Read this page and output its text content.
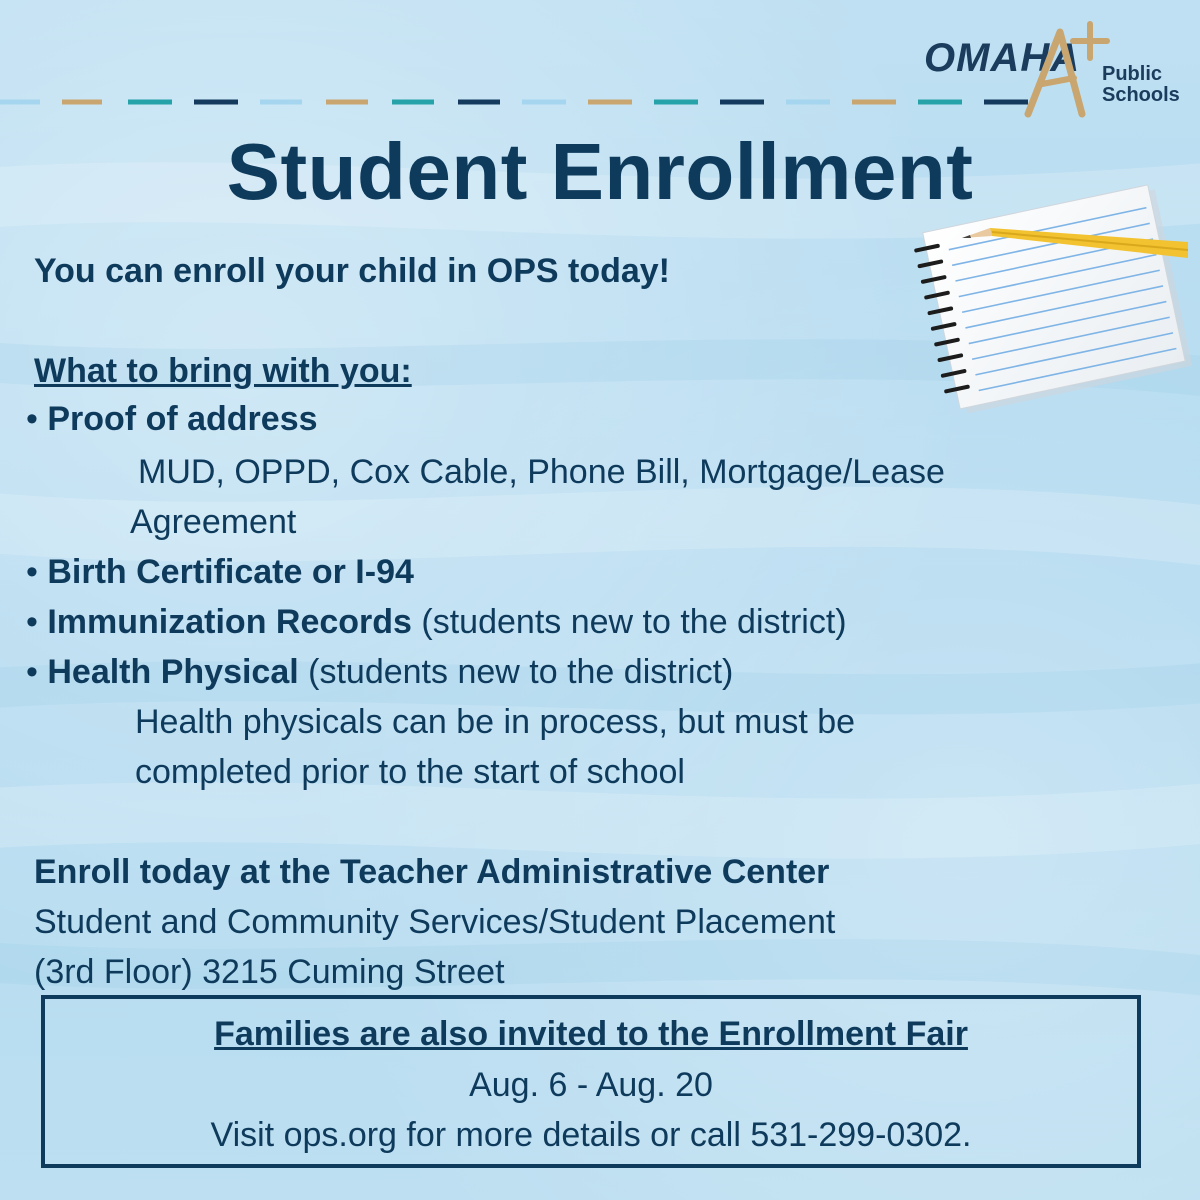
OMAHA Public
Schools
Student Enrollment
You can enroll your child in OPS today!
What to bring with you:
• Proof of address
MUD, OPPD, Cox Cable, Phone Bill, Mortgage/Lease
Agreement
• Birth Certificate or I-94
• Immunization Records (students new to the district)
• Health Physical (students new to the district)
Health physicals can be in process, but must be
completed prior to the start of school
Enroll today at the Teacher Administrative Center
Student and Community Services/Student Placement
(3rd Floor) 3215 Cuming Street
Families are also invited to the Enrollment Fair
Aug. 6 - Aug. 20
Visit ops.org for more details or call 531-299-0302.
